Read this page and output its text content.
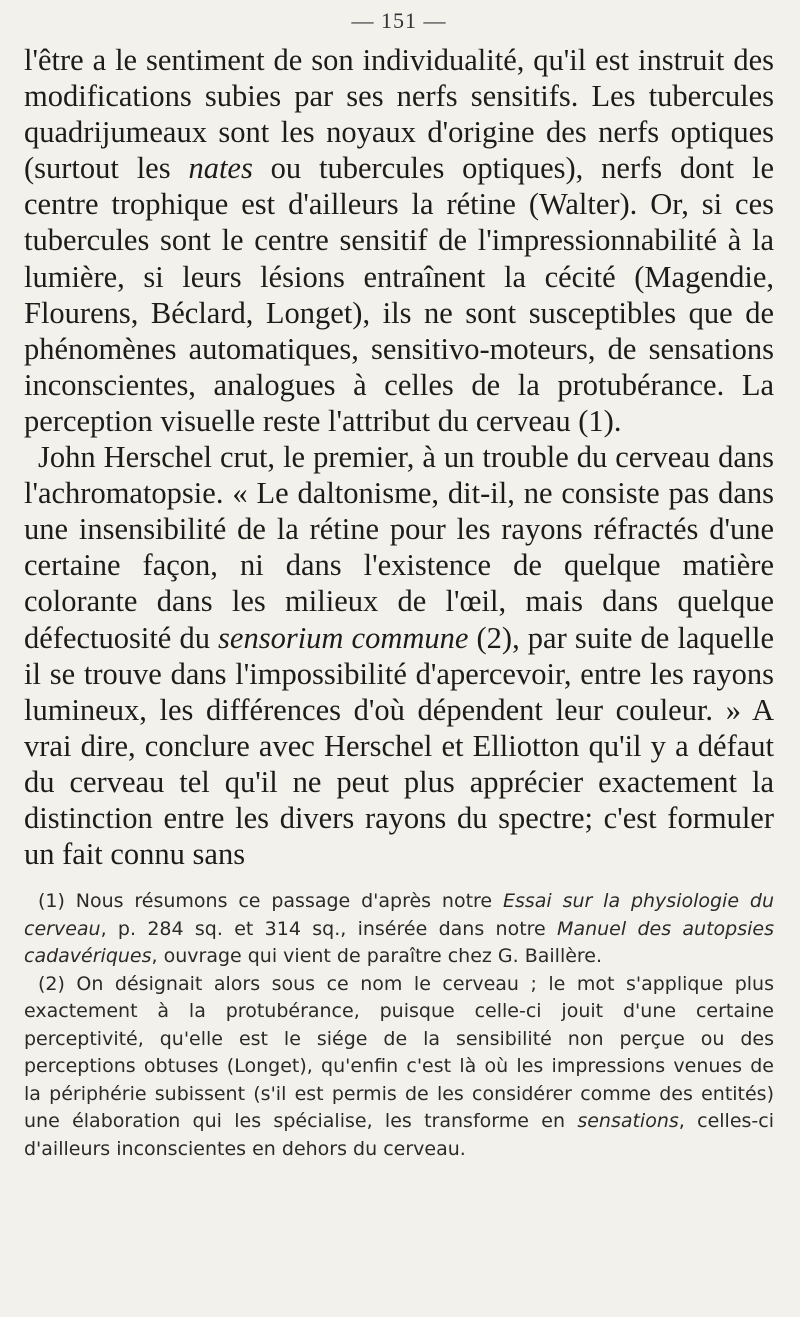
— 151 —

l'être a le sentiment de son individualité, qu'il est instruit des modifications subies par ses nerfs sensitifs. Les tubercules quadrijumeaux sont les noyaux d'origine des nerfs optiques (surtout les nates ou tubercules optiques), nerfs dont le centre trophique est d'ailleurs la rétine (Walter). Or, si ces tubercules sont le centre sensitif de l'impressionnabilité à la lumière, si leurs lésions entraînent la cécité (Magendie, Flourens, Béclard, Longet), ils ne sont susceptibles que de phénomènes automatiques, sensitivo-moteurs, de sensations inconscientes, analogues à celles de la protubérance. La perception visuelle reste l'attribut du cerveau (1).

John Herschel crut, le premier, à un trouble du cerveau dans l'achromatopsie. « Le daltonisme, dit-il, ne consiste pas dans une insensibilité de la rétine pour les rayons réfractés d'une certaine façon, ni dans l'existence de quelque matière colorante dans les milieux de l'œil, mais dans quelque défectuosité du sensorium commune (2), par suite de laquelle il se trouve dans l'impossibilité d'apercevoir, entre les rayons lumineux, les différences d'où dépendent leur couleur. » A vrai dire, conclure avec Herschel et Elliotton qu'il y a défaut du cerveau tel qu'il ne peut plus apprécier exactement la distinction entre les divers rayons du spectre; c'est formuler un fait connu sans

(1) Nous résumons ce passage d'après notre Essai sur la physiologie du cerveau, p. 284 sq. et 314 sq., insérée dans notre Manuel des autopsies cadavériques, ouvrage qui vient de paraître chez G. Baillère.

(2) On désignait alors sous ce nom le cerveau ; le mot s'applique plus exactement à la protubérance, puisque celle-ci jouit d'une certaine perceptivité, qu'elle est le siége de la sensibilité non perçue ou des perceptions obtuses (Longet), qu'enfin c'est là où les impressions venues de la périphérie subissent (s'il est permis de les considérer comme des entités) une élaboration qui les spécialise, les transforme en sensations, celles-ci d'ailleurs inconscientes en dehors du cerveau.
